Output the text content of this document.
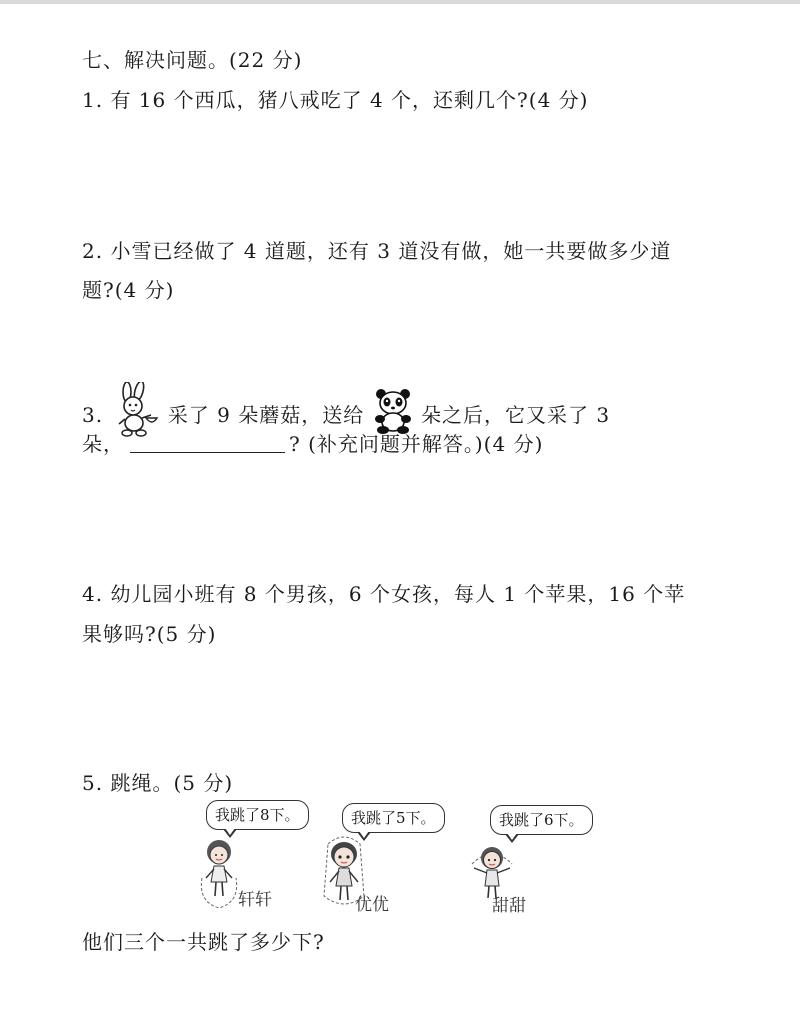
七、解决问题。(22 分)
1. 有 16 个西瓜，猪八戒吃了 4 个，还剩几个?(4 分)
2. 小雪已经做了 4 道题，还有 3 道没有做，她一共要做多少道
题?(4 分)
3.	采了 9 朵蘑菇，送给	朵之后，它又采了 3
朵，	? (补充问题并解答。)(4 分)
4. 幼儿园小班有 8 个男孩，6 个女孩，每人 1 个苹果，16 个苹
果够吗?(5 分)
5. 跳绳。(5 分)
我跳了8下。	我跳了5下。	我跳了6下。
轩轩	优优	甜甜
他们三个一共跳了多少下?
